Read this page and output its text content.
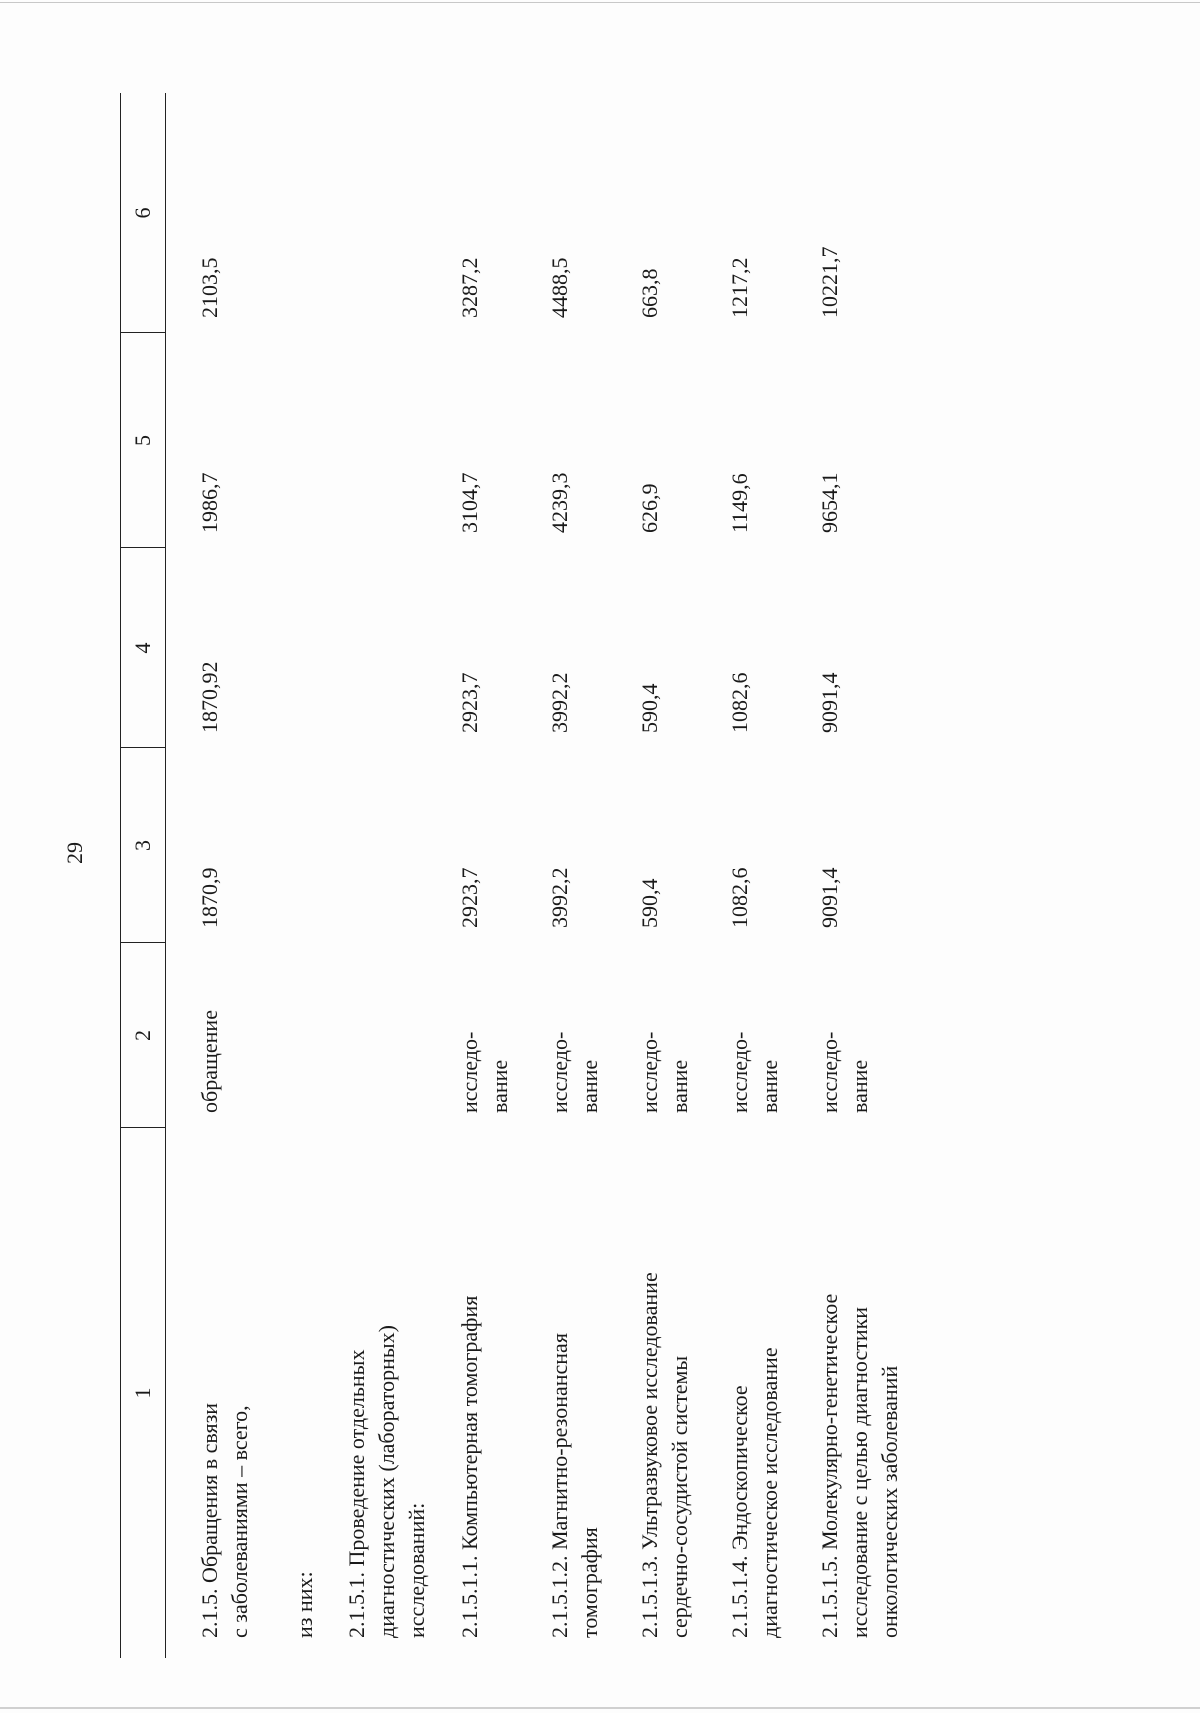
29
1
2
3
4
5
6
2.1.5. Обращения в связи с заболеваниями – всего,
обращение
1870,9
1870,92
1986,7
2103,5
из них: 2.1.5.1. Проведение отдельных диагностических (лабораторных) исследований: 2.1.5.1.1. Компьютерная томография
исследо- вание
2923,7
2923,7
3104,7
3287,2
2.1.5.1.2. Магнитно-резонансная томография
исследо- вание
3992,2
3992,2
4239,3
4488,5
2.1.5.1.3. Ультразвуковое исследование сердечно-сосудистой системы
исследо- вание
590,4
590,4
626,9
663,8
2.1.5.1.4. Эндоскопическое диагностическое исследование
исследо- вание
1082,6
1082,6
1149,6
1217,2
2.1.5.1.5. Молекулярно-генетическое исследование с целью диагностики онкологических заболеваний
исследо- вание
9091,4
9091,4
9654,1
10221,7
